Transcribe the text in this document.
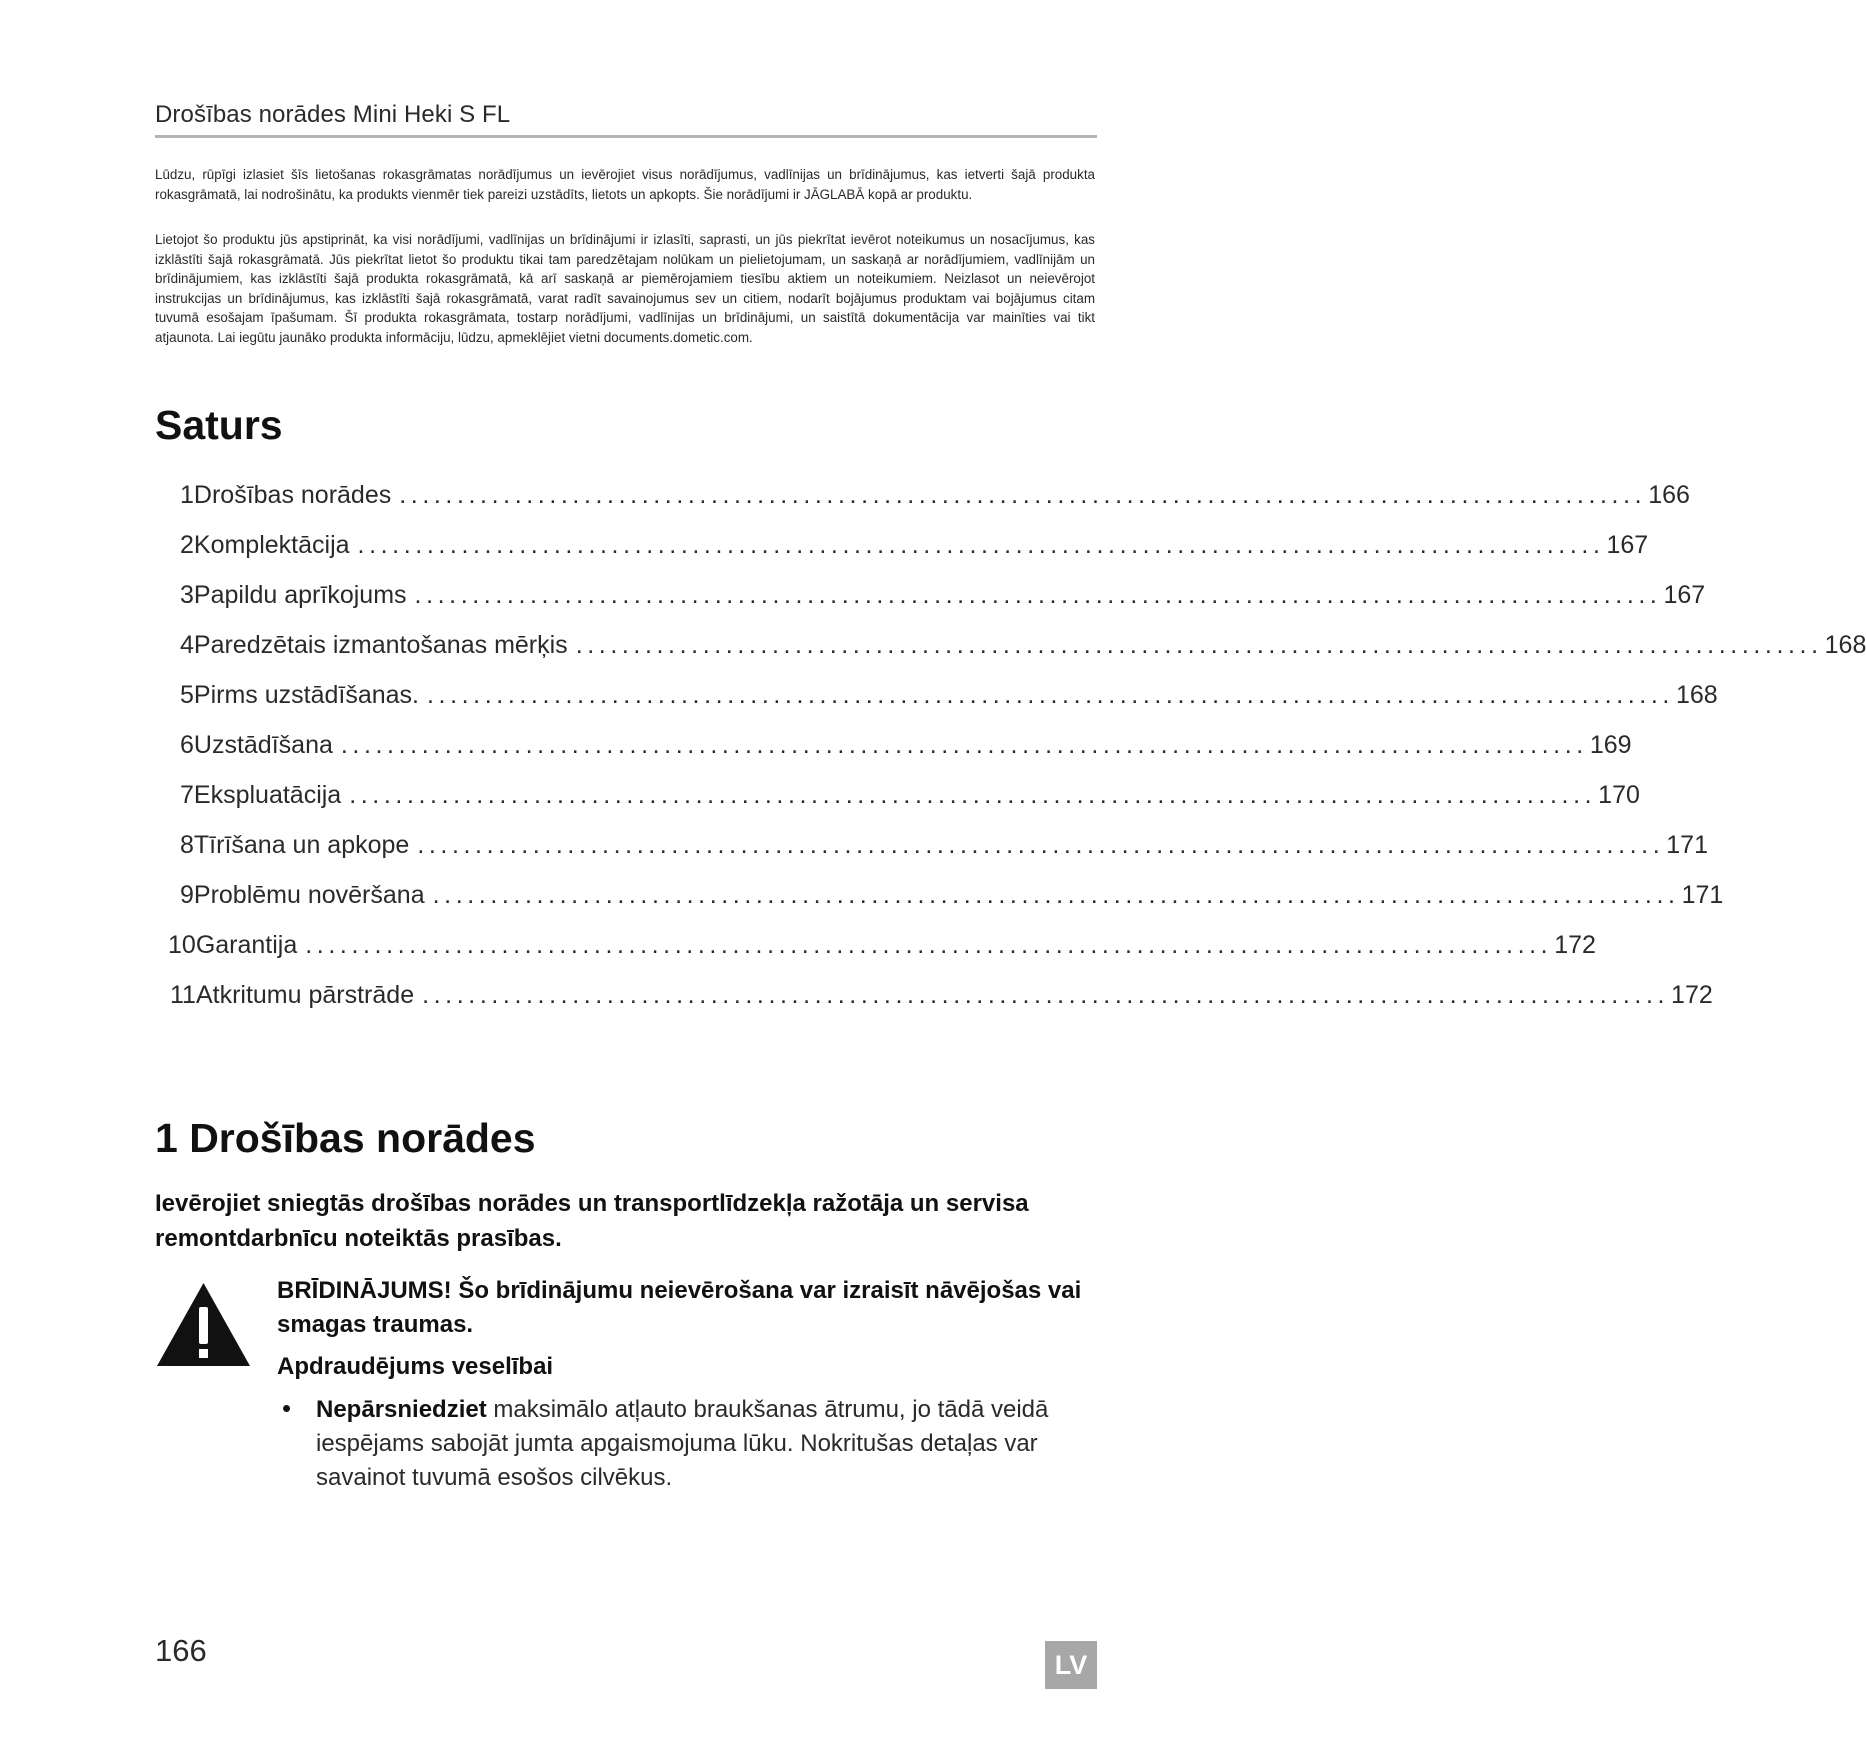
Drošības norādes Mini Heki S FL

Lūdzu, rūpīgi izlasiet šīs lietošanas rokasgrāmatas norādījumus un ievērojiet visus norādījumus, vadlīnijas un brīdinājumus, kas ietverti šajā produkta rokasgrāmatā, lai nodrošinātu, ka produkts vienmēr tiek pareizi uzstādīts, lietots un apkopts. Šie norādījumi ir JĀGLABĀ kopā ar produktu.

Lietojot šo produktu jūs apstiprināt, ka visi norādījumi, vadlīnijas un brīdinājumi ir izlasīti, saprasti, un jūs piekrītat ievērot noteikumus un nosacījumus, kas izklāstīti šajā rokasgrāmatā. Jūs piekrītat lietot šo produktu tikai tam paredzētajam nolūkam un pielietojumam, un saskaņā ar norādījumiem, vadlīnijām un brīdinājumiem, kas izklāstīti šajā produkta rokasgrāmatā, kā arī saskaņā ar piemērojamiem tiesību aktiem un noteikumiem. Neizlasot un neievērojot instrukcijas un brīdinājumus, kas izklāstīti šajā rokasgrāmatā, varat radīt savainojumus sev un citiem, nodarīt bojājumus produktam vai bojājumus citam tuvumā esošajam īpašumam. Šī produkta rokasgrāmata, tostarp norādījumi, vadlīnijas un brīdinājumi, un saistītā dokumentācija var mainīties vai tikt atjaunota. Lai iegūtu jaunāko produkta informāciju, lūdzu, apmeklējiet vietni documents.dometic.com.

Saturs
1 Drošības norādes ............................................................................................................ 166
2 Komplektācija ............................................................................................................ 167
3 Papildu aprīkojums ............................................................................................................ 167
4 Paredzētais izmantošanas mērķis ............................................................................................................ 168
5 Pirms uzstādīšanas. ............................................................................................................ 168
6 Uzstādīšana ............................................................................................................ 169
7 Ekspluatācija ............................................................................................................ 170
8 Tīrīšana un apkope ............................................................................................................ 171
9 Problēmu novēršana ............................................................................................................ 171
10 Garantija ............................................................................................................ 172
11 Atkritumu pārstrāde ............................................................................................................ 172
1 Drošības norādes

Ievērojiet sniegtās drošības norādes un transportlīdzekļa ražotāja un servisa remontdarbnīcu noteiktās prasības.

BRĪDINĀJUMS! Šo brīdinājumu neievērošana var izraisīt nāvējošas vai smagas traumas.

Apdraudējums veselībai

• Nepārsniedziet maksimālo atļauto braukšanas ātrumu, jo tādā veidā iespējams sabojāt jumta apgaismojuma lūku. Nokritušas detaļas var savainot tuvumā esošos cilvēkus.

166	LV
